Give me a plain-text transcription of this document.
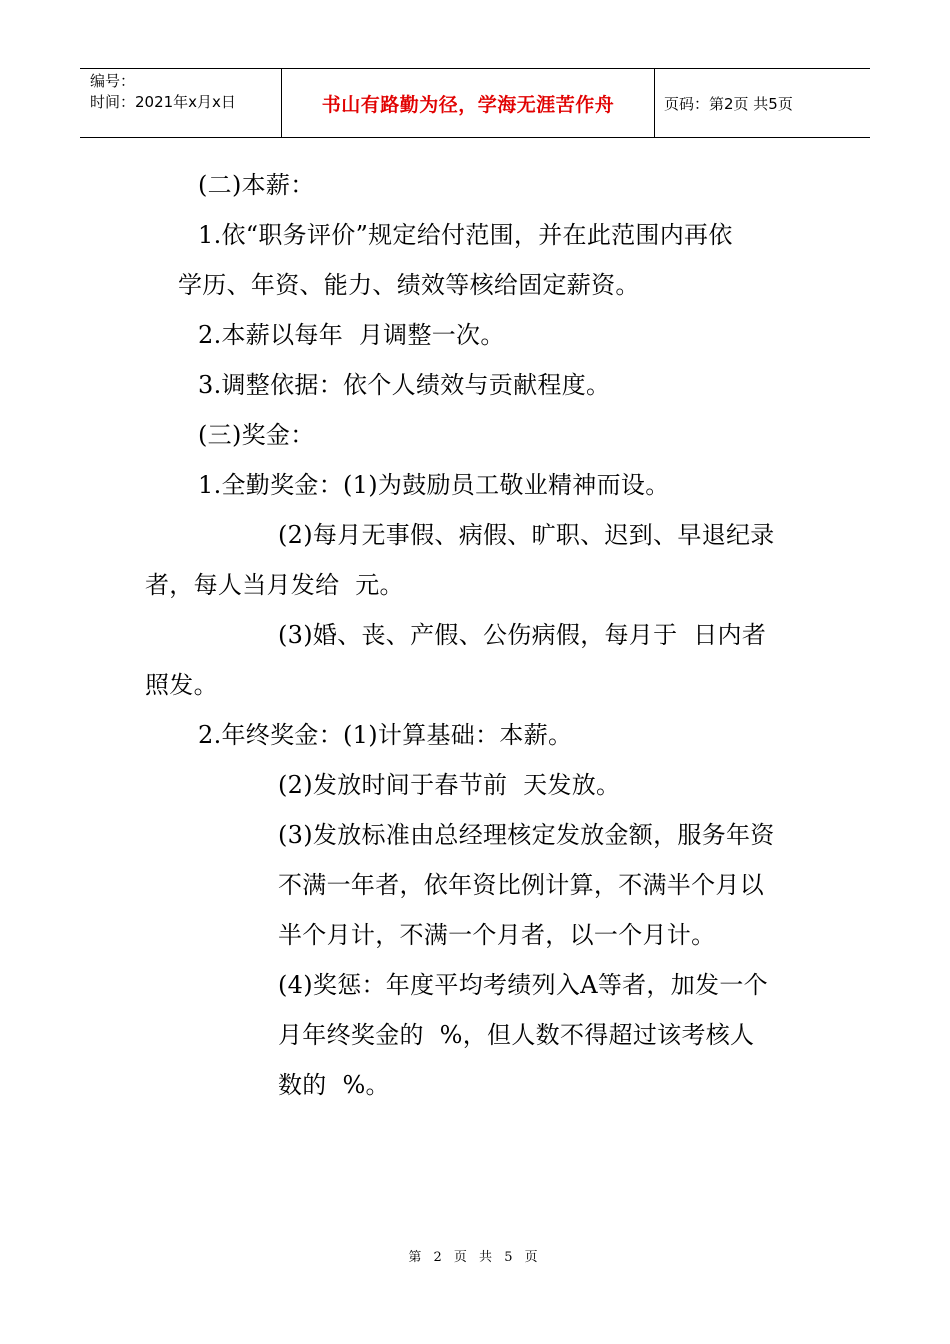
编号：
时间：2021年x月x日	书山有路勤为径，学海无涯苦作舟	页码：第2页 共5页
(二)本薪：
1.依“职务评价”规定给付范围，并在此范围内再依
学历、年资、能力、绩效等核给固定薪资。
2.本薪以每年  月调整一次。
3.调整依据：依个人绩效与贡献程度。
(三)奖金：
1.全勤奖金：(1)为鼓励员工敬业精神而设。
(2)每月无事假、病假、旷职、迟到、早退纪录
者，每人当月发给  元。
(3)婚、丧、产假、公伤病假，每月于  日内者
照发。
2.年终奖金：(1)计算基础：本薪。
(2)发放时间于春节前  天发放。
(3)发放标准由总经理核定发放金额，服务年资
不满一年者，依年资比例计算，不满半个月以
半个月计，不满一个月者，以一个月计。
(4)奖惩：年度平均考绩列入A等者，加发一个
月年终奖金的  %，但人数不得超过该考核人
数的  %。
第 2 页 共 5 页
